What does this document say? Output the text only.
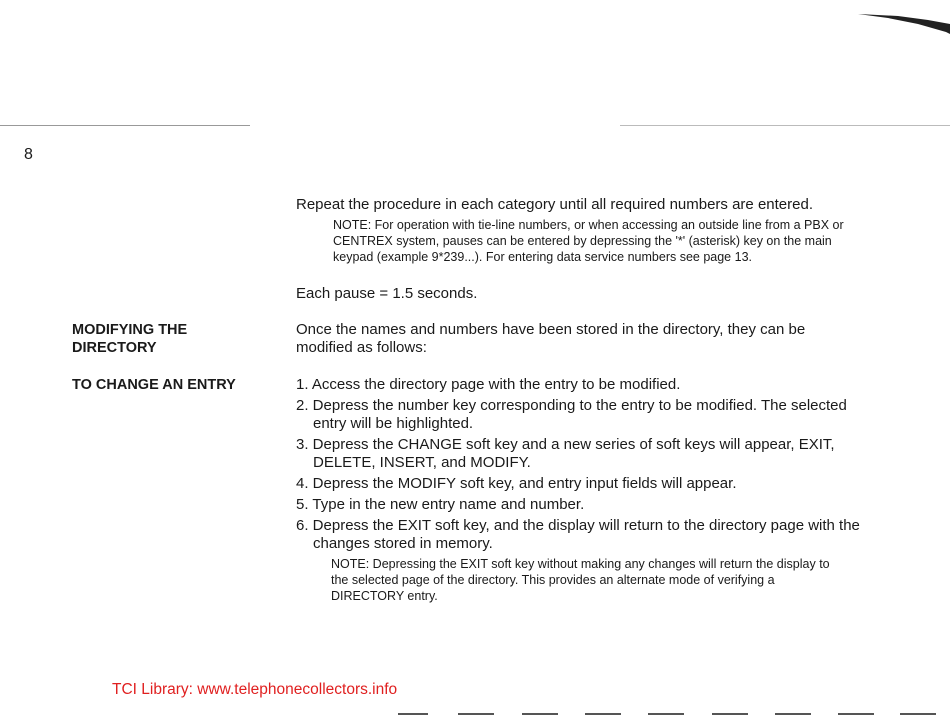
8
Repeat the procedure in each category until all required numbers are entered.
NOTE: For operation with tie-line numbers, or when accessing an outside line from a PBX or CENTREX system, pauses can be entered by depressing the '*' (asterisk) key on the main keypad (example 9*239...). For entering data service numbers see page 13.
Each pause = 1.5 seconds.
MODIFYING THE
DIRECTORY
Once the names and numbers have been stored in the directory, they can be modified as follows:
TO CHANGE AN ENTRY	1. Access the directory page with the entry to be modified.
2. Depress the number key corresponding to the entry to be modified. The selected entry will be highlighted.
3. Depress the CHANGE soft key and a new series of soft keys will appear, EXIT, DELETE, INSERT, and MODIFY.
4. Depress the MODIFY soft key, and entry input fields will appear.
5. Type in the new entry name and number.
6. Depress the EXIT soft key, and the display will return to the directory page with the changes stored in memory.
NOTE: Depressing the EXIT soft key without making any changes will return the display to the selected page of the directory. This provides an alternate mode of verifying a DIRECTORY entry.
TCI Library: www.telephonecollectors.info
